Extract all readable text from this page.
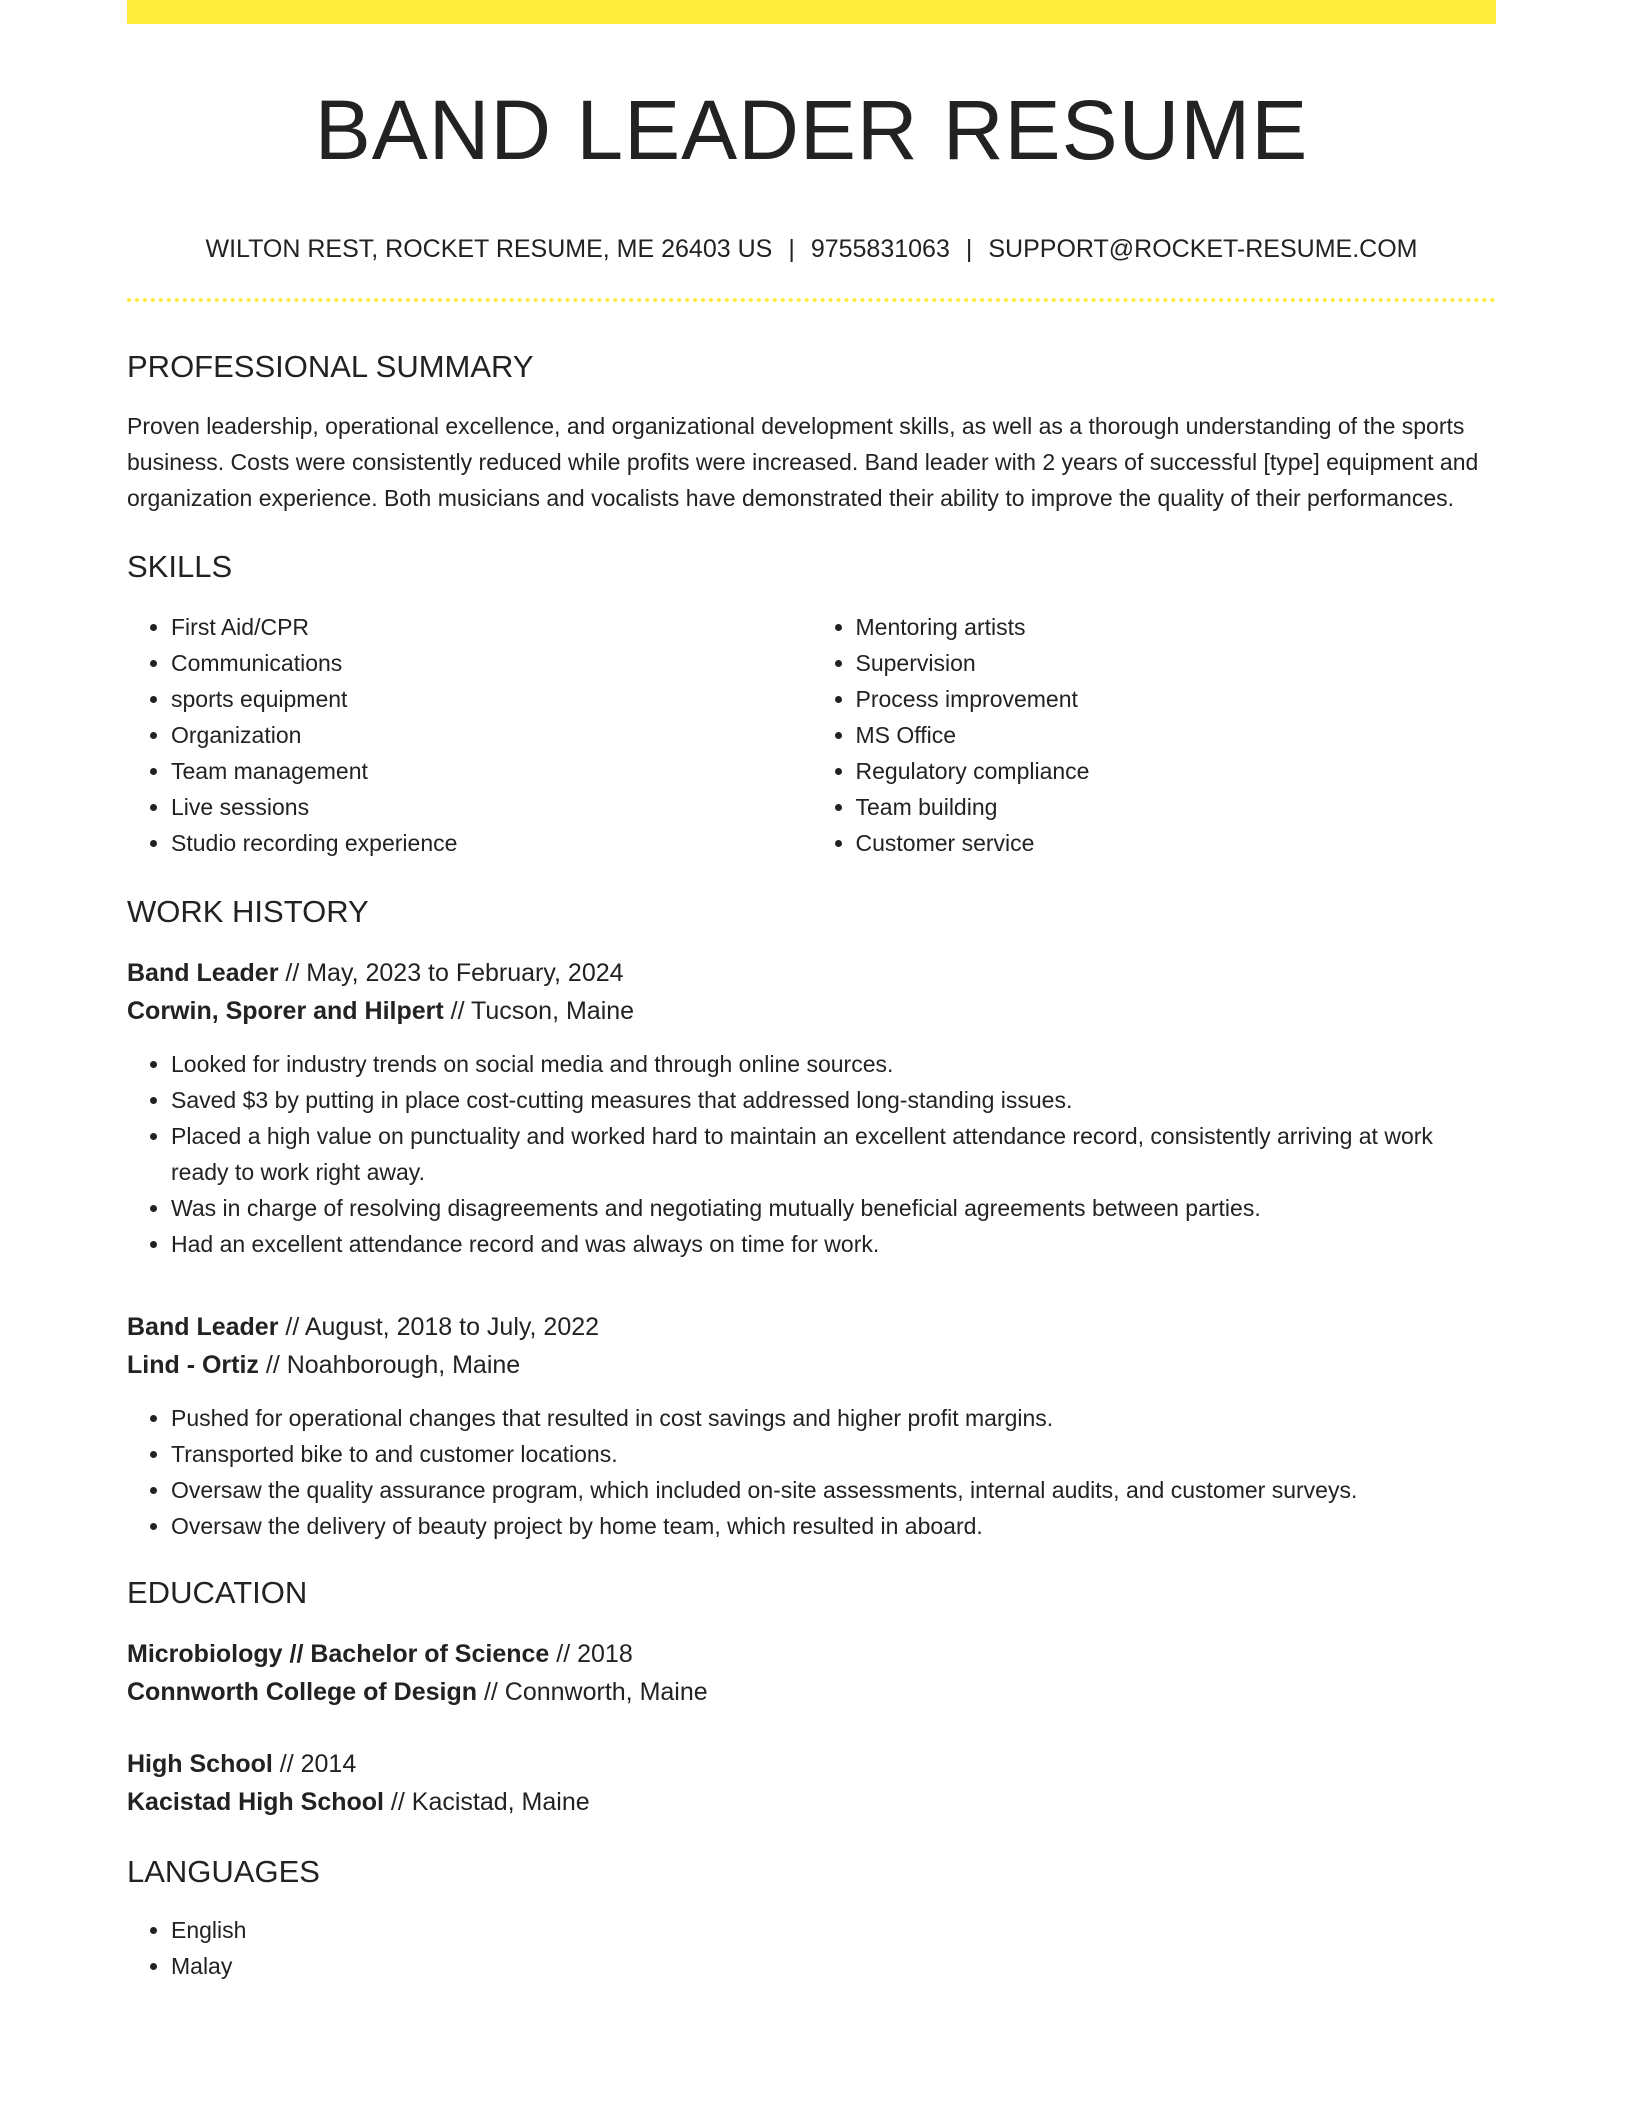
BAND LEADER RESUME
WILTON REST, ROCKET RESUME, ME 26403 US | 9755831063 | SUPPORT@ROCKET-RESUME.COM
PROFESSIONAL SUMMARY

Proven leadership, operational excellence, and organizational development skills, as well as a thorough understanding of the sports business. Costs were consistently reduced while profits were increased. Band leader with 2 years of successful [type] equipment and organization experience. Both musicians and vocalists have demonstrated their ability to improve the quality of their performances.

SKILLS
• First Aid/CPR
• Communications
• sports equipment
• Organization
• Team management
• Live sessions
• Studio recording experience
• Mentoring artists
• Supervision
• Process improvement
• MS Office
• Regulatory compliance
• Team building
• Customer service
WORK HISTORY
Band Leader // May, 2023 to February, 2024
Corwin, Sporer and Hilpert // Tucson, Maine
• Looked for industry trends on social media and through online sources.
• Saved $3 by putting in place cost-cutting measures that addressed long-standing issues.
• Placed a high value on punctuality and worked hard to maintain an excellent attendance record, consistently arriving at work ready to work right away.
• Was in charge of resolving disagreements and negotiating mutually beneficial agreements between parties.
• Had an excellent attendance record and was always on time for work.
Band Leader // August, 2018 to July, 2022
Lind - Ortiz // Noahborough, Maine
• Pushed for operational changes that resulted in cost savings and higher profit margins.
• Transported bike to and customer locations.
• Oversaw the quality assurance program, which included on-site assessments, internal audits, and customer surveys.
• Oversaw the delivery of beauty project by home team, which resulted in aboard.
EDUCATION
Microbiology // Bachelor of Science // 2018
Connworth College of Design // Connworth, Maine
High School // 2014
Kacistad High School // Kacistad, Maine
LANGUAGES
• English
• Malay
